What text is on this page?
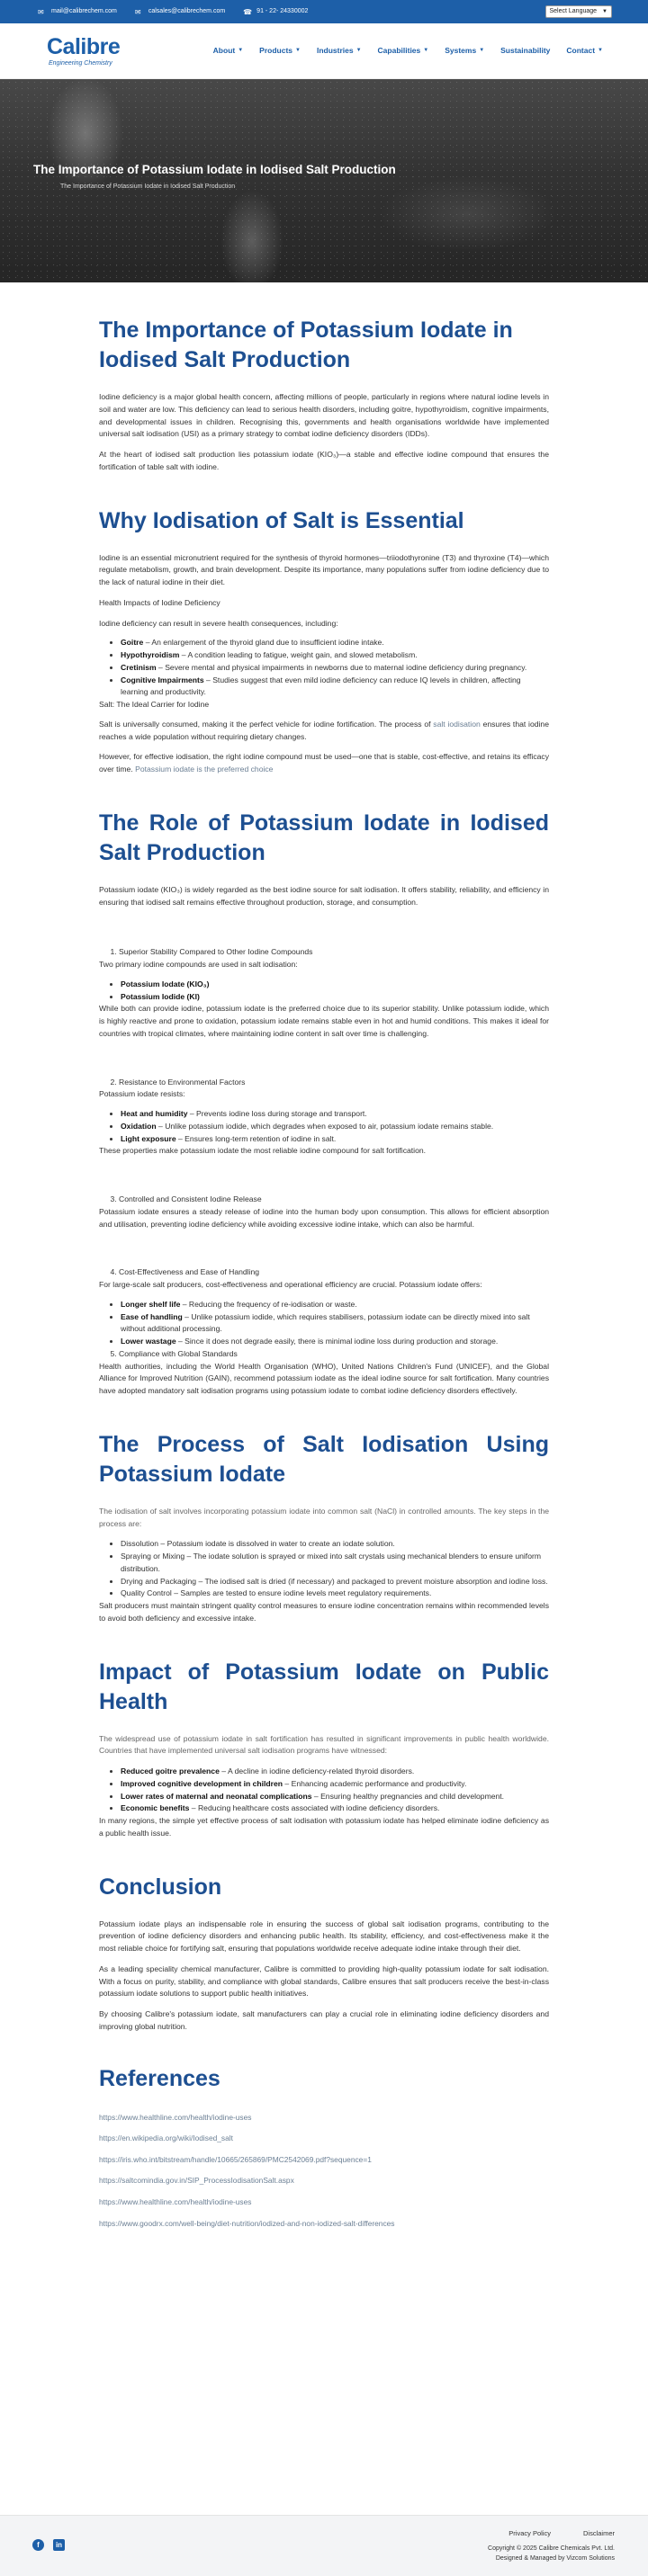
✉	mail@calibrechem.com	✉	calsales@calibrechem.com	☎ 91 - 22- 24330002	Select Language ▼
Calibre
Engineering Chemistry
About ▼ Products ▼ Industries ▼ Capabilities ▼ Systems ▼ Sustainability Contact ▼
The Importance of Potassium Iodate in Iodised Salt Production
The Importance of Potassium Iodate in Iodised Salt Production
The Importance of Potassium Iodate in Iodised Salt Production

Iodine deficiency is a major global health concern, affecting millions of people, particularly in regions where natural iodine levels in soil and water are low. This deficiency can lead to serious health disorders, including goitre, hypothyroidism, cognitive impairments, and developmental issues in children. Recognising this, governments and health organisations worldwide have implemented universal salt iodisation (USI) as a primary strategy to combat iodine deficiency disorders (IDDs).

At the heart of iodised salt production lies potassium iodate (KIO₃)—a stable and effective iodine compound that ensures the fortification of table salt with iodine.

Why Iodisation of Salt is Essential

Iodine is an essential micronutrient required for the synthesis of thyroid hormones—triiodothyronine (T3) and thyroxine (T4)—which regulate metabolism, growth, and brain development. Despite its importance, many populations suffer from iodine deficiency due to the lack of natural iodine in their diet.

Health Impacts of Iodine Deficiency

Iodine deficiency can result in severe health consequences, including:

• Goitre – An enlargement of the thyroid gland due to insufficient iodine intake.
• Hypothyroidism – A condition leading to fatigue, weight gain, and slowed metabolism.
• Cretinism – Severe mental and physical impairments in newborns due to maternal iodine deficiency during pregnancy.
• Cognitive Impairments – Studies suggest that even mild iodine deficiency can reduce IQ levels in children, affecting learning and productivity.

Salt: The Ideal Carrier for Iodine

Salt is universally consumed, making it the perfect vehicle for iodine fortification. The process of salt iodisation ensures that iodine reaches a wide population without requiring dietary changes.

However, for effective iodisation, the right iodine compound must be used—one that is stable, cost-effective, and retains its efficacy over time. Potassium iodate is the preferred choice

The Role of Potassium Iodate in Iodised Salt Production

Potassium iodate (KIO₃) is widely regarded as the best iodine source for salt iodisation. It offers stability, reliability, and efficiency in ensuring that iodised salt remains effective throughout production, storage, and consumption.

1. Superior Stability Compared to Other Iodine Compounds

Two primary iodine compounds are used in salt iodisation:

• Potassium Iodate (KIO₃)
• Potassium Iodide (KI)

While both can provide iodine, potassium iodate is the preferred choice due to its superior stability. Unlike potassium iodide, which is highly reactive and prone to oxidation, potassium iodate remains stable even in hot and humid conditions. This makes it ideal for countries with tropical climates, where maintaining iodine content in salt over time is challenging.

2. Resistance to Environmental Factors

Potassium iodate resists:

• Heat and humidity – Prevents iodine loss during storage and transport.
• Oxidation – Unlike potassium iodide, which degrades when exposed to air, potassium iodate remains stable.
• Light exposure – Ensures long-term retention of iodine in salt.

These properties make potassium iodate the most reliable iodine compound for salt fortification.

3. Controlled and Consistent Iodine Release

Potassium iodate ensures a steady release of iodine into the human body upon consumption. This allows for efficient absorption and utilisation, preventing iodine deficiency while avoiding excessive iodine intake, which can also be harmful.

4. Cost-Effectiveness and Ease of Handling

For large-scale salt producers, cost-effectiveness and operational efficiency are crucial. Potassium iodate offers:

• Longer shelf life – Reducing the frequency of re-iodisation or waste.
• Ease of handling – Unlike potassium iodide, which requires stabilisers, potassium iodate can be directly mixed into salt without additional processing.
• Lower wastage – Since it does not degrade easily, there is minimal iodine loss during production and storage.
5. Compliance with Global Standards

Health authorities, including the World Health Organisation (WHO), United Nations Children's Fund (UNICEF), and the Global Alliance for Improved Nutrition (GAIN), recommend potassium iodate as the ideal iodine source for salt fortification. Many countries have adopted mandatory salt iodisation programs using potassium iodate to combat iodine deficiency disorders effectively.

The Process of Salt Iodisation Using Potassium Iodate

The iodisation of salt involves incorporating potassium iodate into common salt (NaCl) in controlled amounts. The key steps in the process are:

• Dissolution – Potassium iodate is dissolved in water to create an iodate solution.
• Spraying or Mixing – The iodate solution is sprayed or mixed into salt crystals using mechanical blenders to ensure uniform distribution.
• Drying and Packaging – The iodised salt is dried (if necessary) and packaged to prevent moisture absorption and iodine loss.
• Quality Control – Samples are tested to ensure iodine levels meet regulatory requirements.

Salt producers must maintain stringent quality control measures to ensure iodine concentration remains within recommended levels to avoid both deficiency and excessive intake.

Impact of Potassium Iodate on Public Health

The widespread use of potassium iodate in salt fortification has resulted in significant improvements in public health worldwide. Countries that have implemented universal salt iodisation programs have witnessed:

• Reduced goitre prevalence – A decline in iodine deficiency-related thyroid disorders.
• Improved cognitive development in children – Enhancing academic performance and productivity.
• Lower rates of maternal and neonatal complications – Ensuring healthy pregnancies and child development.
• Economic benefits – Reducing healthcare costs associated with iodine deficiency disorders.

In many regions, the simple yet effective process of salt iodisation with potassium iodate has helped eliminate iodine deficiency as a public health issue.

Conclusion

Potassium iodate plays an indispensable role in ensuring the success of global salt iodisation programs, contributing to the prevention of iodine deficiency disorders and enhancing public health. Its stability, efficiency, and cost-effectiveness make it the most reliable choice for fortifying salt, ensuring that populations worldwide receive adequate iodine intake through their diet.

As a leading speciality chemical manufacturer, Calibre is committed to providing high-quality potassium iodate for salt iodisation. With a focus on purity, stability, and compliance with global standards, Calibre ensures that salt producers receive the best-in-class potassium iodate solutions to support public health initiatives.

By choosing Calibre's potassium iodate, salt manufacturers can play a crucial role in eliminating iodine deficiency disorders and improving global nutrition.

References
https://www.healthline.com/health/iodine-uses
https://en.wikipedia.org/wiki/Iodised_salt
https://iris.who.int/bitstream/handle/10665/265869/PMC2542069.pdf?sequence=1
https://saltcomindia.gov.in/SIP_ProcessIodisationSalt.aspx
https://www.healthline.com/health/iodine-uses
https://www.goodrx.com/well-being/diet-nutrition/iodized-and-non-iodized-salt-differences
f	in
Privacy Policy	Disclaimer
Copyright © 2025 Calibre Chemicals Pvt. Ltd.
Designed & Managed by Vizcom Solutions
